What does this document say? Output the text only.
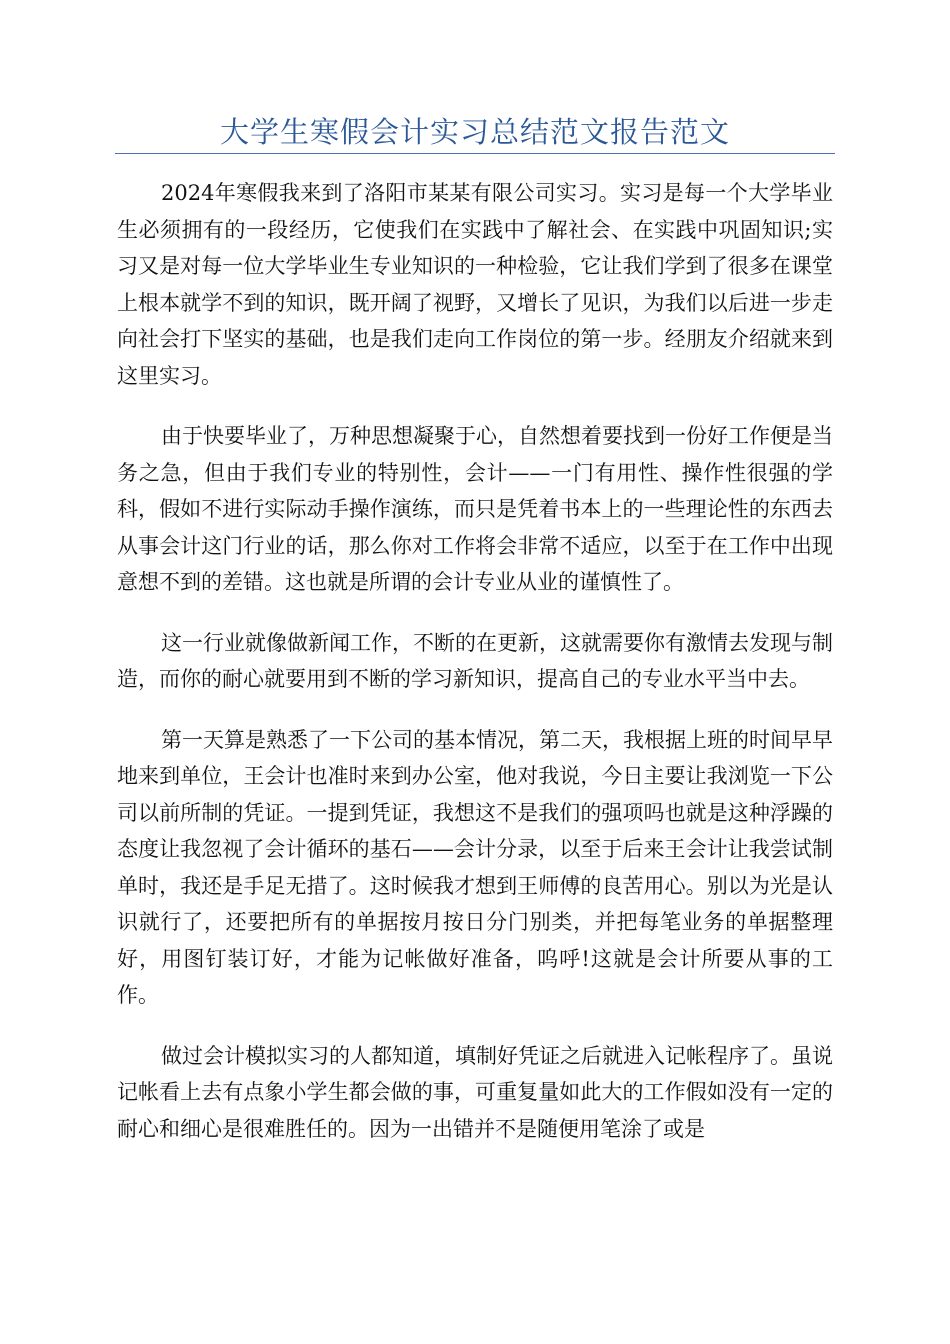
大学生寒假会计实习总结范文报告范文

2024年寒假我来到了洛阳市某某有限公司实习。实习是每一个大学毕业生必须拥有的一段经历，它使我们在实践中了解社会、在实践中巩固知识;实习又是对每一位大学毕业生专业知识的一种检验，它让我们学到了很多在课堂上根本就学不到的知识，既开阔了视野，又增长了见识，为我们以后进一步走向社会打下坚实的基础，也是我们走向工作岗位的第一步。经朋友介绍就来到这里实习。

由于快要毕业了，万种思想凝聚于心，自然想着要找到一份好工作便是当务之急，但由于我们专业的特别性，会计——一门有用性、操作性很强的学科，假如不进行实际动手操作演练，而只是凭着书本上的一些理论性的东西去从事会计这门行业的话，那么你对工作将会非常不适应，以至于在工作中出现意想不到的差错。这也就是所谓的会计专业从业的谨慎性了。

这一行业就像做新闻工作，不断的在更新，这就需要你有激情去发现与制造，而你的耐心就要用到不断的学习新知识，提高自己的专业水平当中去。

第一天算是熟悉了一下公司的基本情况，第二天，我根据上班的时间早早地来到单位，王会计也准时来到办公室，他对我说，今日主要让我浏览一下公司以前所制的凭证。一提到凭证，我想这不是我们的强项吗也就是这种浮躁的态度让我忽视了会计循环的基石——会计分录，以至于后来王会计让我尝试制单时，我还是手足无措了。这时候我才想到王师傅的良苦用心。别以为光是认识就行了，还要把所有的单据按月按日分门别类，并把每笔业务的单据整理好，用图钉装订好，才能为记帐做好准备，呜呼!这就是会计所要从事的工作。

做过会计模拟实习的人都知道，填制好凭证之后就进入记帐程序了。虽说记帐看上去有点象小学生都会做的事，可重复量如此大的工作假如没有一定的耐心和细心是很难胜任的。因为一出错并不是随便用笔涂了或是
